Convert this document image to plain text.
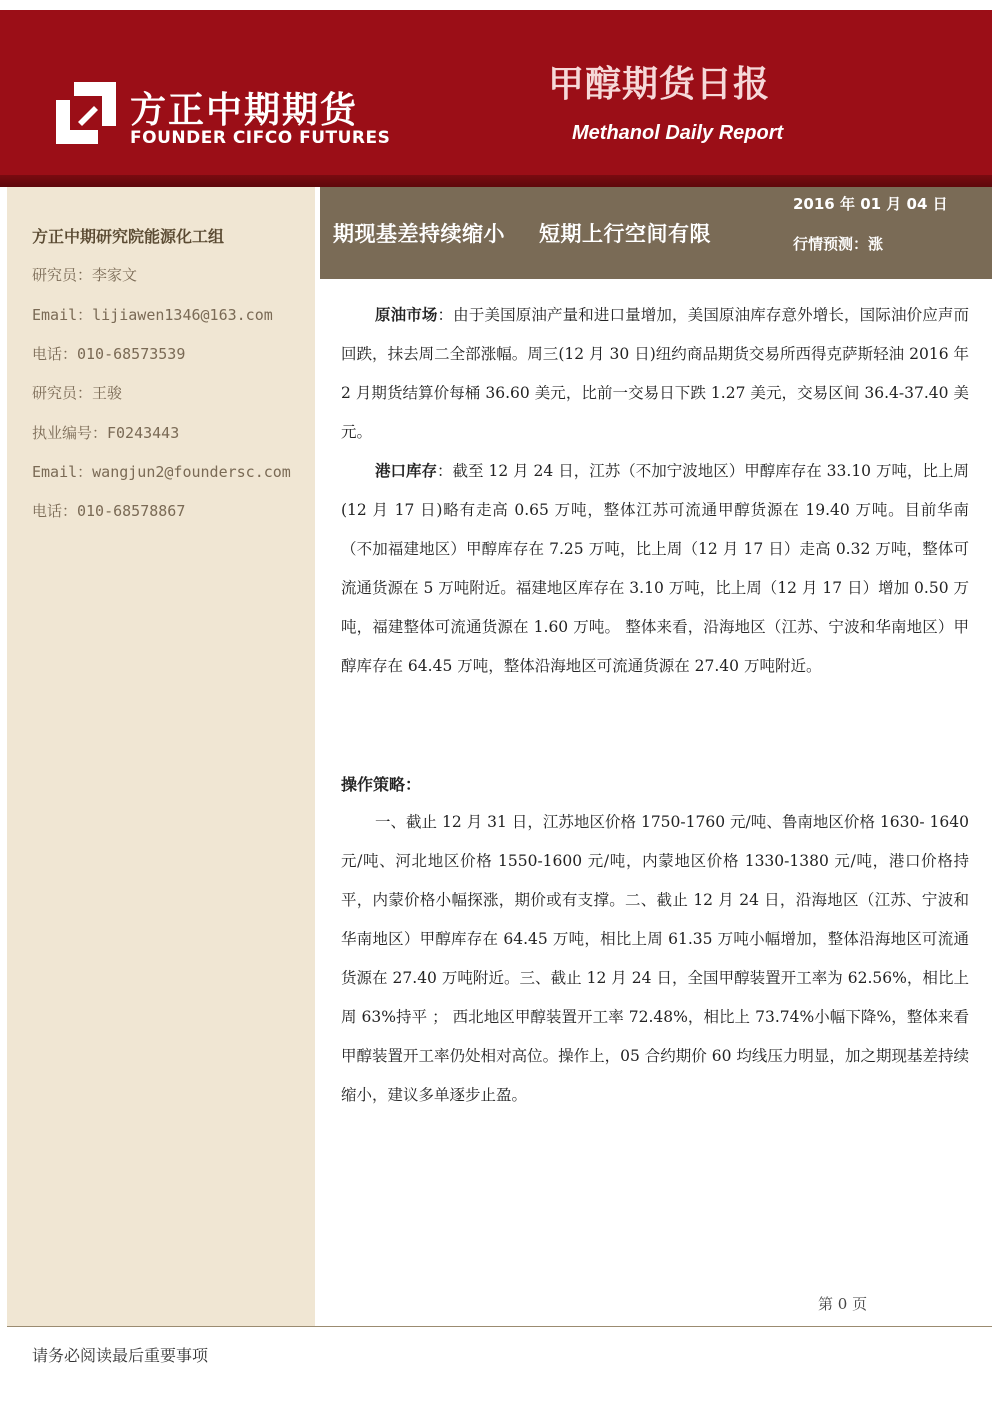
方正中期期货
FOUNDER CIFCO FUTURES
甲醇期货日报
Methanol Daily Report
方正中期研究院能源化工组
研究员：李家文
Email：lijiawen1346@163.com
电话：010-68573539
研究员：王骏
执业编号：F0243443
Email：wangjun2@foundersc.com
电话：010-68578867
期现基差持续缩小 短期上行空间有限
2016 年 01 月 04 日
行情预测：涨
原油市场：由于美国原油产量和进口量增加，美国原油库存意外增长，国际油价应声而回跌，抹去周二全部涨幅。周三(12 月 30 日)纽约商品期货交易所西得克萨斯轻油 2016 年 2 月期货结算价每桶 36.60 美元，比前一交易日下跌 1.27 美元，交易区间 36.4-37.40 美元。
港口库存：截至 12 月 24 日，江苏（不加宁波地区）甲醇库存在 33.10 万吨，比上周(12 月 17 日)略有走高 0.65 万吨，整体江苏可流通甲醇货源在 19.40 万吨。目前华南（不加福建地区）甲醇库存在 7.25 万吨，比上周（12 月 17 日）走高 0.32 万吨，整体可流通货源在 5 万吨附近。福建地区库存在 3.10 万吨，比上周（12 月 17 日）增加 0.50 万吨，福建整体可流通货源在 1.60 万吨。 整体来看，沿海地区（江苏、宁波和华南地区）甲醇库存在 64.45 万吨，整体沿海地区可流通货源在 27.40 万吨附近。
操作策略：
一、截止 12 月 31 日，江苏地区价格 1750-1760 元/吨、鲁南地区价格 1630- 1640 元/吨、河北地区价格 1550-1600 元/吨，内蒙地区价格 1330-1380 元/吨，港口价格持平，内蒙价格小幅探涨，期价或有支撑。二、截止 12 月 24 日，沿海地区（江苏、宁波和华南地区）甲醇库存在 64.45 万吨，相比上周 61.35 万吨小幅增加，整体沿海地区可流通货源在 27.40 万吨附近。三、截止 12 月 24 日，全国甲醇装置开工率为 62.56%，相比上周 63%持平 ； 西北地区甲醇装置开工率 72.48%，相比上 73.74%小幅下降%，整体来看甲醇装置开工率仍处相对高位。操作上，05 合约期价 60 均线压力明显，加之期现基差持续缩小，建议多单逐步止盈。
第 0 页
请务必阅读最后重要事项
